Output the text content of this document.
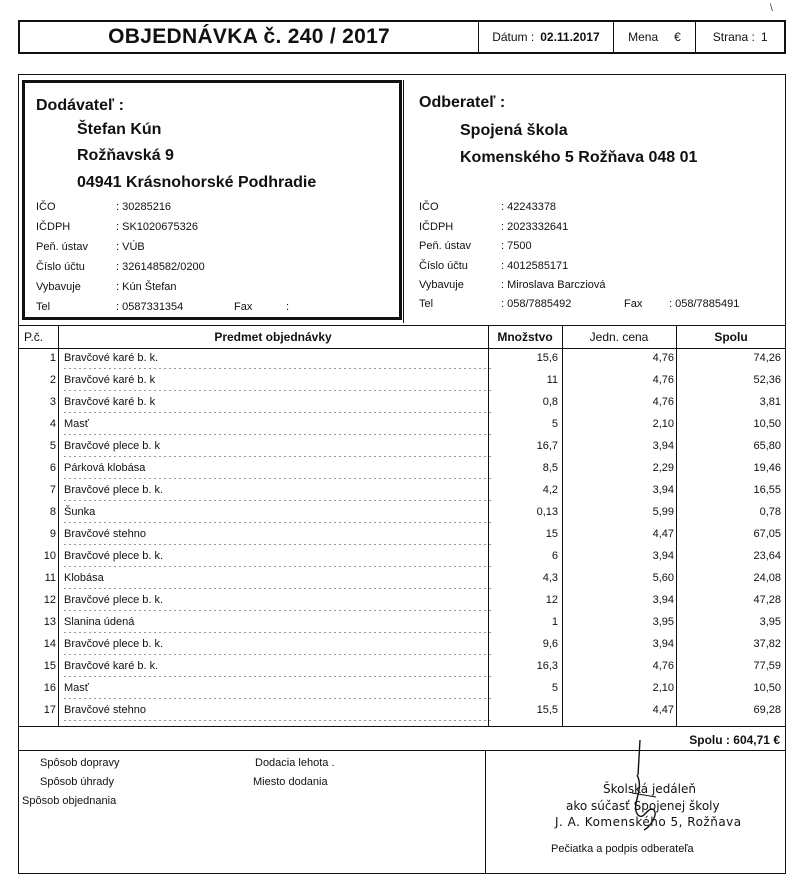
OBJEDNÁVKA č. 240 / 2017	Dátum : 02.11.2017 Mena €	Strana : 1
\
Dodávateľ :
Štefan Kún
Rožňavská 9
04941 Krásnohorské Podhradie
IČO	: 30285216
IČDPH	: SK1020675326
Peň. ústav	: VÚB
Číslo účtu	: 326148582/0200
Vybavuje	: Kún Štefan
Tel	: 0587331354	Fax	:
Odberateľ :
Spojená škola
Komenského 5 Rožňava 048 01
IČO	: 42243378
IČDPH	: 2023332641
Peň. ústav	: 7500
Číslo účtu	: 4012585171
Vybavuje	: Miroslava Barcziová
Tel	: 058/7885492	Fax : 058/7885491
P.č.	Predmet objednávky	Množstvo	Jedn. cena	Spolu
1 Bravčové karé b. k.	15,6	4,76	74,26
2 Bravčové karé b. k	11	4,76	52,36
3 Bravčové karé b. k	0,8	4,76	3,81
4 Masť	5	2,10	10,50
5 Bravčové plece b. k	16,7	3,94	65,80
6 Párková klobása	8,5	2,29	19,46
7 Bravčové plece b. k.	4,2	3,94	16,55
8 Šunka	0,13	5,99	0,78
9 Bravčové stehno	15	4,47	67,05
10 Bravčové plece b. k.	6	3,94	23,64
11 Klobása	4,3	5,60	24,08
12 Bravčové plece b. k.	12	3,94	47,28
13 Slanina údená	1	3,95	3,95
14 Bravčové plece b. k.	9,6	3,94	37,82
15 Bravčové karé b. k.	16,3	4,76	77,59
16 Masť	5	2,10	10,50
17 Bravčové stehno	15,5	4,47	69,28
Spolu : 604,71 €
Spôsob dopravy
Spôsob úhrady
Spôsob objednania
Dodacia lehota .
Miesto dodania	Školská jedáleň
ako súčasť Spojenej školy
J. A. Komenského 5, Rožňava
Pečiatka a podpis odberateľa
